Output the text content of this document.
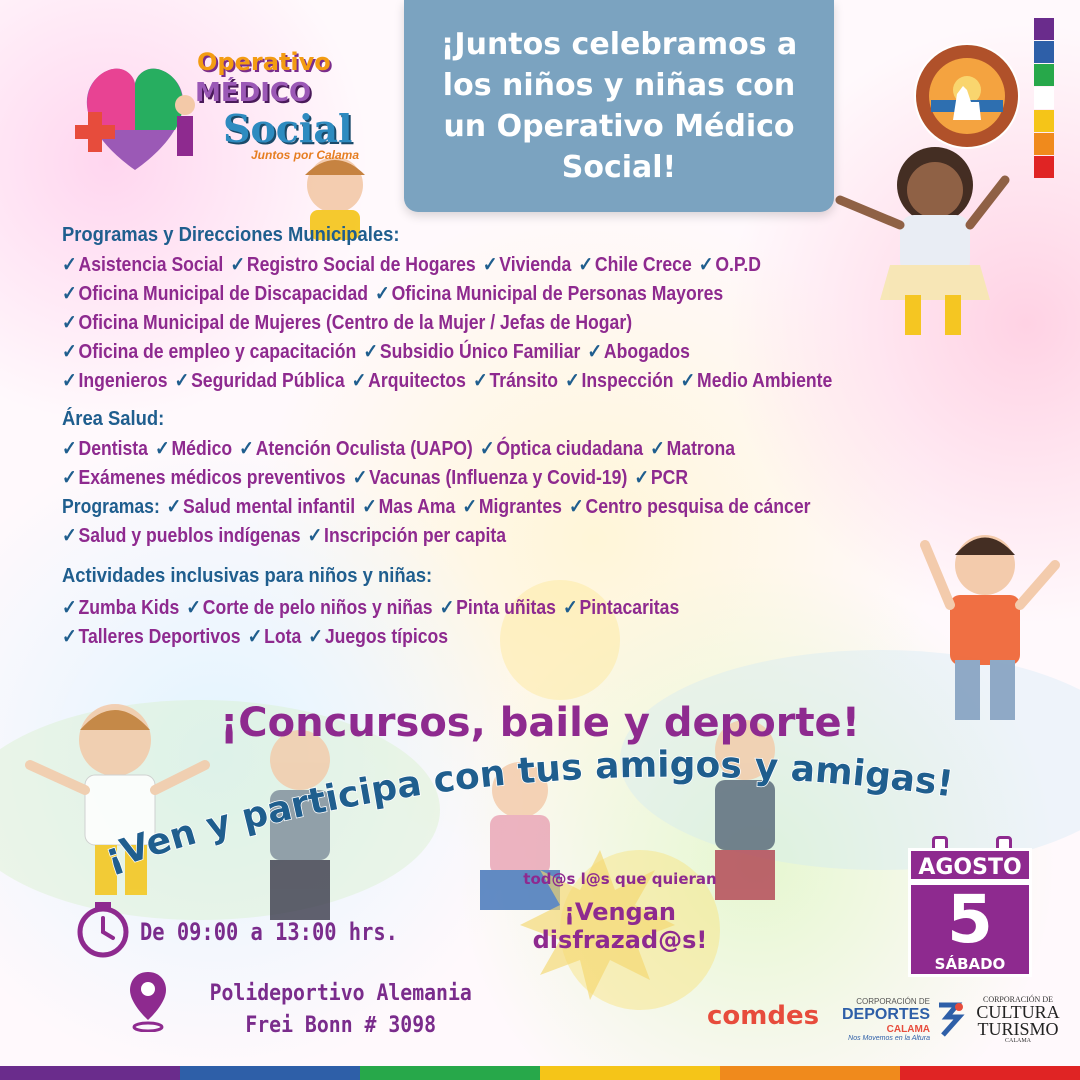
Operativo
MÉDICO
Social
Juntos por Calama
¡Juntos celebramos a los niños y niñas con un Operativo Médico Social!
Programas y Direcciones Municipales:
✓Asistencia Social ✓Registro Social de Hogares ✓Vivienda ✓Chile Crece ✓O.P.D
✓Oficina Municipal de Discapacidad ✓Oficina Municipal de Personas Mayores
✓Oficina Municipal de Mujeres (Centro de la Mujer / Jefas de Hogar)
✓Oficina de empleo y capacitación ✓Subsidio Único Familiar ✓Abogados
✓Ingenieros ✓Seguridad Pública ✓Arquitectos ✓Tránsito ✓Inspección ✓Medio Ambiente
Área Salud:
✓Dentista ✓Médico ✓Atención Oculista (UAPO) ✓Óptica ciudadana ✓Matrona
✓Exámenes médicos preventivos ✓Vacunas (Influenza y Covid-19) ✓PCR
Programas: ✓Salud mental infantil ✓Mas Ama ✓Migrantes ✓Centro pesquisa de cáncer
✓Salud y pueblos indígenas ✓Inscripción per capita
Actividades inclusivas para niños y niñas:
✓Zumba Kids ✓Corte de pelo niños y niñas ✓Pinta uñitas ✓Pintacaritas
✓Talleres Deportivos ✓Lota ✓Juegos típicos
¡Concursos, baile y deporte!
¡Ven y participa con tus amigos y amigas!
De 09:00 a 13:00 hrs.
Polideportivo Alemania
Frei Bonn # 3098
tod@s l@s que quieran
¡Vengan
disfrazad@s!
AGOSTO
5
SÁBADO
comdes	CORPORACIÓN DE
DEPORTES
CALAMA
Nos Movemos en la Altura
CORPORACIÓN DE
CULTURA
TURISMO
CALAMA
